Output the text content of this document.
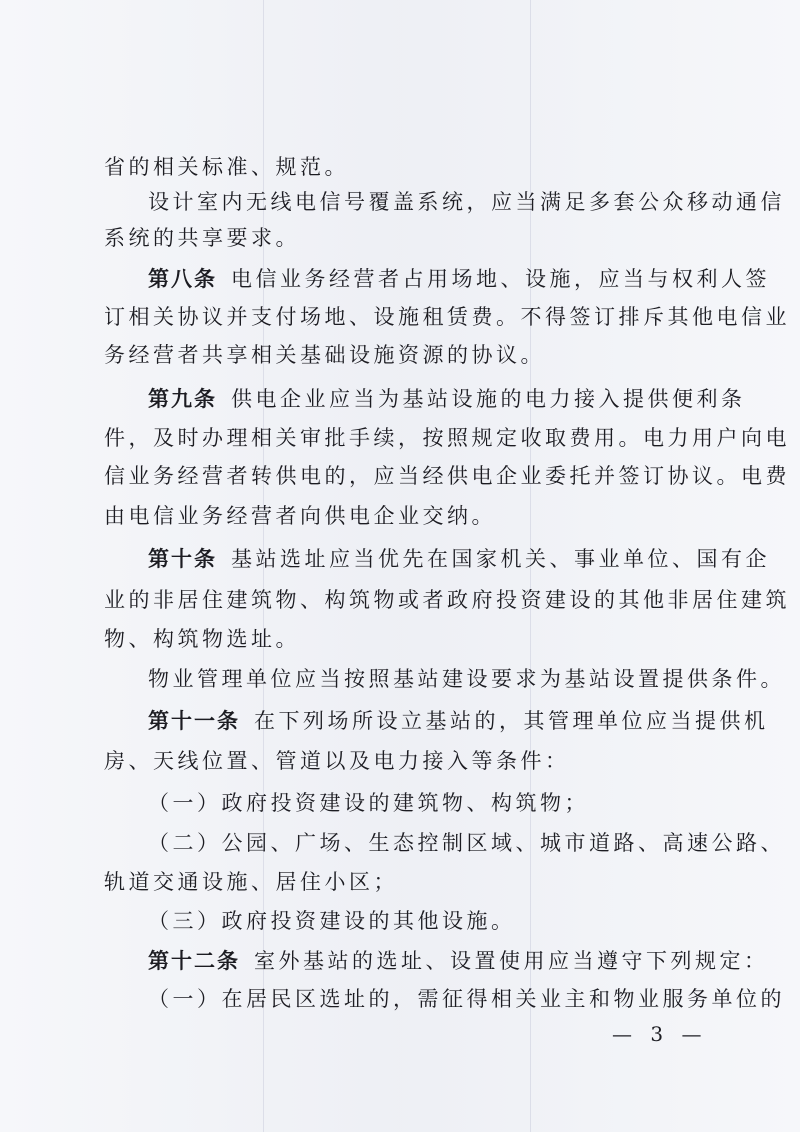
省的相关标准、规范。
设计室内无线电信号覆盖系统，应当满足多套公众移动通信
系统的共享要求。
第八条 电信业务经营者占用场地、设施，应当与权利人签
订相关协议并支付场地、设施租赁费。不得签订排斥其他电信业
务经营者共享相关基础设施资源的协议。
第九条 供电企业应当为基站设施的电力接入提供便利条
件，及时办理相关审批手续，按照规定收取费用。电力用户向电
信业务经营者转供电的，应当经供电企业委托并签订协议。电费
由电信业务经营者向供电企业交纳。
第十条 基站选址应当优先在国家机关、事业单位、国有企
业的非居住建筑物、构筑物或者政府投资建设的其他非居住建筑
物、构筑物选址。
物业管理单位应当按照基站建设要求为基站设置提供条件。
第十一条 在下列场所设立基站的，其管理单位应当提供机
房、天线位置、管道以及电力接入等条件：
（一）政府投资建设的建筑物、构筑物；
（二）公园、广场、生态控制区域、城市道路、高速公路、
轨道交通设施、居住小区；
（三）政府投资建设的其他设施。
第十二条 室外基站的选址、设置使用应当遵守下列规定：
（一）在居民区选址的，需征得相关业主和物业服务单位的
— 3 —
